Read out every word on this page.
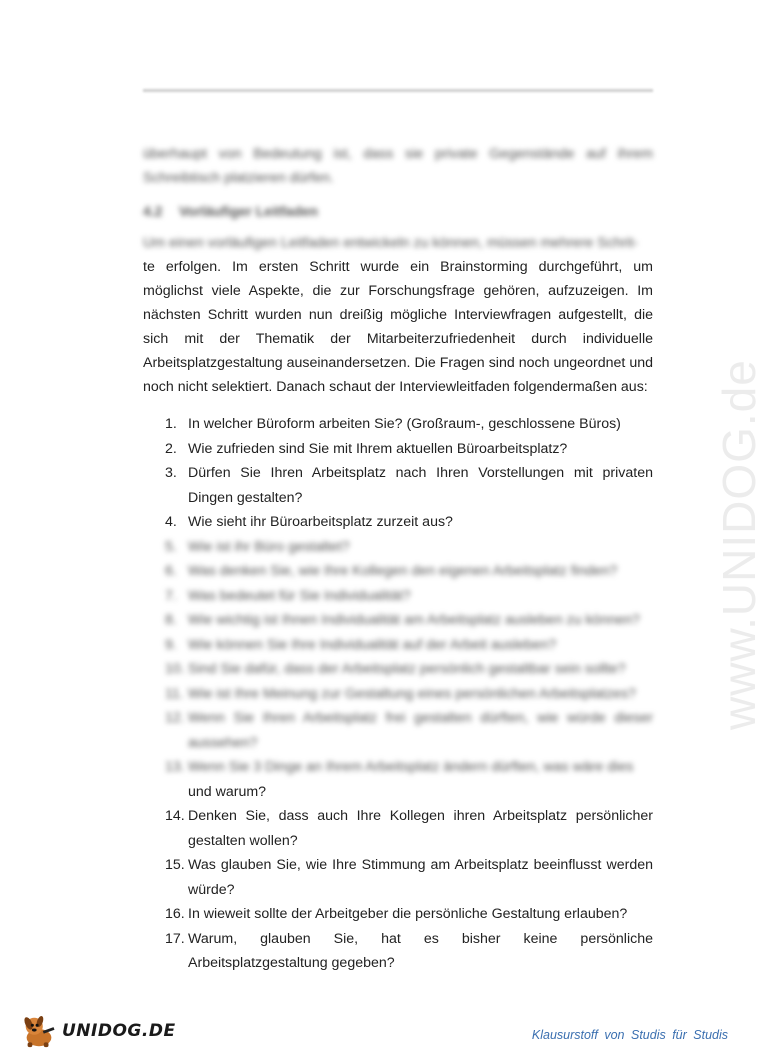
www.UNIDOG.de
überhaupt von Bedeutung ist, dass sie private Gegenstände auf ihrem Schreibtisch platzieren dürfen.
4.2 Vorläufiger Leitfaden
Um einen vorläufigen Leitfaden entwickeln zu können, müssen mehrere Schrit-
te erfolgen. Im ersten Schritt wurde ein Brainstorming durchgeführt, um möglichst viele Aspekte, die zur Forschungsfrage gehören, aufzuzeigen. Im nächsten Schritt wurden nun dreißig mögliche Interviewfragen aufgestellt, die sich mit der Thematik der Mitarbeiterzufriedenheit durch individuelle Arbeitsplatzgestaltung auseinandersetzen. Die Fragen sind noch ungeordnet und noch nicht selektiert. Danach schaut der Interviewleitfaden folgendermaßen aus:
1. In welcher Büroform arbeiten Sie? (Großraum-, geschlossene Büros)
2. Wie zufrieden sind Sie mit Ihrem aktuellen Büroarbeitsplatz?
3. Dürfen Sie Ihren Arbeitsplatz nach Ihren Vorstellungen mit privaten Dingen gestalten?
4. Wie sieht ihr Büroarbeitsplatz zurzeit aus?
5. Wie ist ihr Büro gestaltet?
6. Was denken Sie, wie Ihre Kollegen den eigenen Arbeitsplatz finden?
7. Was bedeutet für Sie Individualität?
8. Wie wichtig ist Ihnen Individualität am Arbeitsplatz ausleben zu können?
9. Wie können Sie Ihre Individualität auf der Arbeit ausleben?
10. Sind Sie dafür, dass der Arbeitsplatz persönlich gestaltbar sein sollte?
11. Wie ist Ihre Meinung zur Gestaltung eines persönlichen Arbeitsplatzes?
12. Wenn Sie Ihren Arbeitsplatz frei gestalten dürften, wie würde dieser aussehen?
13. Wenn Sie 3 Dinge an Ihrem Arbeitsplatz ändern dürften, was wäre dies
und warum?
14. Denken Sie, dass auch Ihre Kollegen ihren Arbeitsplatz persönlicher gestalten wollen?
15. Was glauben Sie, wie Ihre Stimmung am Arbeitsplatz beeinflusst werden würde?
16. In wieweit sollte der Arbeitgeber die persönliche Gestaltung erlauben?
17. Warum, glauben Sie, hat es bisher keine persönliche Arbeitsplatzgestaltung gegeben?
UNIDOG.DE	Klausurstoff von Studis für Studis
